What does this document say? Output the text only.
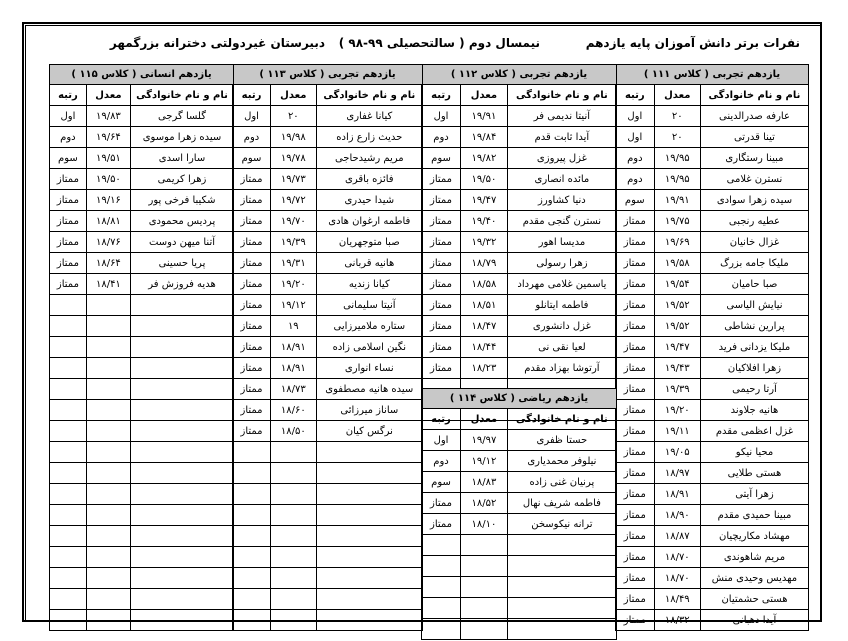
نفرات برتر دانش آموزان پایه یازدهم
نیمسال دوم ( سالتحصیلی ۹۹-۹۸ )
دبیرستان غیردولتی دخترانه بزرگمهر
یازدهم تجربی ( کلاس ۱۱۱ )		
نام و نام خانوادگی	معدل	رتبه
عارفه صدرالدینی	۲۰	اول
تینا قدرتی	۲۰	اول
مبینا رستگاری	۱۹/۹۵	دوم
نسترن غلامی	۱۹/۹۵	دوم
سیده زهرا سوادی	۱۹/۹۱	سوم
عطیه رنجبی	۱۹/۷۵	ممتاز
غزال خانیان	۱۹/۶۹	ممتاز
ملیکا جامه بزرگ	۱۹/۵۸	ممتاز
صبا حامیان	۱۹/۵۴	ممتاز
نیایش الیاسی	۱۹/۵۲	ممتاز
پرارین نشاطی	۱۹/۵۲	ممتاز
ملیکا یزدانی فرید	۱۹/۴۷	ممتاز
زهرا افلاکیان	۱۹/۴۳	ممتاز
آرتا رحیمی	۱۹/۳۹	ممتاز
هانیه جلاوند	۱۹/۲۰	ممتاز
غزل اعظمی مقدم	۱۹/۱۱	ممتاز
محیا نیکو	۱۹/۰۵	ممتاز
هستی طلایی	۱۸/۹۷	ممتاز
زهرا آیتی	۱۸/۹۱	ممتاز
مبینا حمیدی مقدم	۱۸/۹۰	ممتاز
مهشاد مکاریچیان	۱۸/۸۷	ممتاز
مریم شاهوندی	۱۸/۷۰	ممتاز
مهدیس وحیدی منش	۱۸/۷۰	ممتاز
هستی حشمتیان	۱۸/۴۹	ممتاز
آیدا دهبانی	۱۸/۳۲	ممتاز
یازدهم تجربی ( کلاس ۱۱۲ )		
نام و نام خانوادگی	معدل	رتبه
آنیتا ندیمی فر	۱۹/۹۱	اول
آیدا ثابت قدم	۱۹/۸۴	دوم
غزل پیروزی	۱۹/۸۲	سوم
مائده انصاری	۱۹/۵۰	ممتاز
دنیا کشاورز	۱۹/۴۷	ممتاز
نسترن گنجی مقدم	۱۹/۴۰	ممتاز
مدیسا اهور	۱۹/۳۲	ممتاز
زهرا رسولی	۱۸/۷۹	ممتاز
یاسمین غلامی مهرداد	۱۸/۵۸	ممتاز
فاطمه ایتانلو	۱۸/۵۱	ممتاز
غزل دانشوری	۱۸/۴۷	ممتاز
لعیا نقی نی	۱۸/۴۴	ممتاز
آرتوشا بهزاد مقدم	۱۸/۲۳	ممتاز

یازدهم ریاضی ( کلاس ۱۱۴ )		
نام و نام خانوادگی	معدل	رتبه
حستا ظفری	۱۹/۹۷	اول
نیلوفر محمدیاری	۱۹/۱۲	دوم
پرنیان غنی زاده	۱۸/۸۳	سوم
فاطمه شریف نهال	۱۸/۵۲	ممتاز
ترانه نیکوسخن	۱۸/۱۰	ممتاز

یازدهم تجربی ( کلاس ۱۱۳ )		
نام و نام خانوادگی	معدل	رتبه
کیانا غفاری	۲۰	اول
حدیث زارع زاده	۱۹/۹۸	دوم
مریم رشیدحاجی	۱۹/۷۸	سوم
فائزه باقری	۱۹/۷۳	ممتاز
شیدا حیدری	۱۹/۷۲	ممتاز
فاطمه ارغوان هادی	۱۹/۷۰	ممتاز
صبا متوجهریان	۱۹/۳۹	ممتاز
هانیه قربانی	۱۹/۳۱	ممتاز
کیانا زندیه	۱۹/۲۰	ممتاز
آنیتا سلیمانی	۱۹/۱۲	ممتاز
ستاره ملامیرزایی	۱۹	ممتاز
نگین اسلامی زاده	۱۸/۹۱	ممتاز
نساء انواری	۱۸/۹۱	ممتاز
سیده هانیه مصطفوی	۱۸/۷۳	ممتاز
ساناز میرزائی	۱۸/۶۰	ممتاز
نرگس کیان	۱۸/۵۰	ممتاز

یازدهم انسانی ( کلاس ۱۱۵ )		
نام و نام خانوادگی	معدل	رتبه
گلسا گرجی	۱۹/۸۳	اول
سیده زهرا موسوی	۱۹/۶۴	دوم
سارا اسدی	۱۹/۵۱	سوم
زهرا کریمی	۱۹/۵۰	ممتاز
شکیبا فرخی پور	۱۹/۱۶	ممتاز
پردیس محمودی	۱۸/۸۱	ممتاز
آتنا میهن دوست	۱۸/۷۶	ممتاز
پریا حسینی	۱۸/۶۴	ممتاز
هدیه فروزش فر	۱۸/۴۱	ممتاز
